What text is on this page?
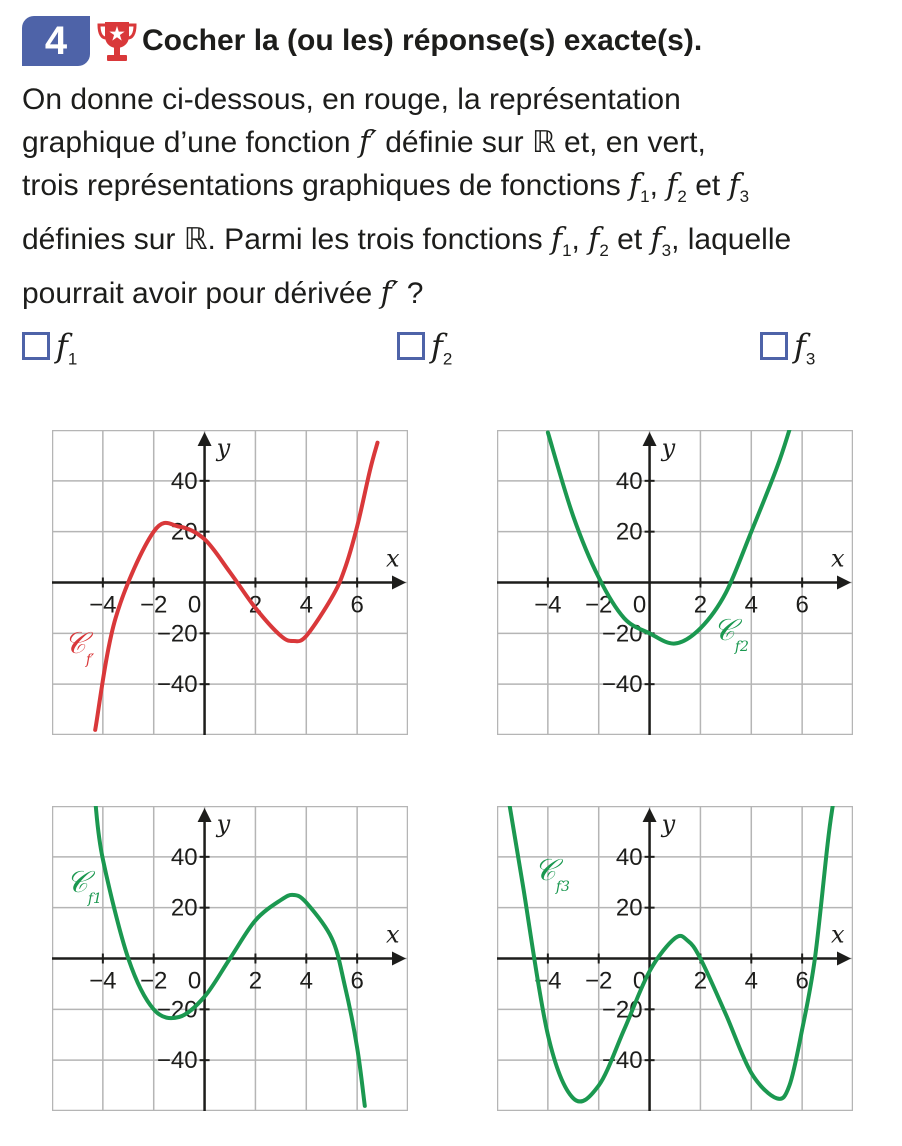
4	Cocher la (ou les) réponse(s) exacte(s).

On donne ci-dessous, en rouge, la représentation

graphique d’une fonction f′ définie sur ℝ et, en vert,

trois représentations graphiques de fonctions $f_1$, $f_2$ et $f_3$

définies sur ℝ. Parmi les trois fonctions $f_1$, $f_2$ et $f_3$, laquelle

pourrait avoir pour dérivée f′ ?

$f_1$	$f_2$	$f_3$
−4 −2 0 2 4 6
40
20
−20
−40
x
y
𝒞f′
−4 −2 0 2 4 6
40
20
−20
−40
x
y
𝒞f2
−4 −2 0 2 4 6
40
20
−20
−40
x
y
𝒞f1
−4 −2 0 2 4 6
40
20
−20
−40
x
y
𝒞f3
